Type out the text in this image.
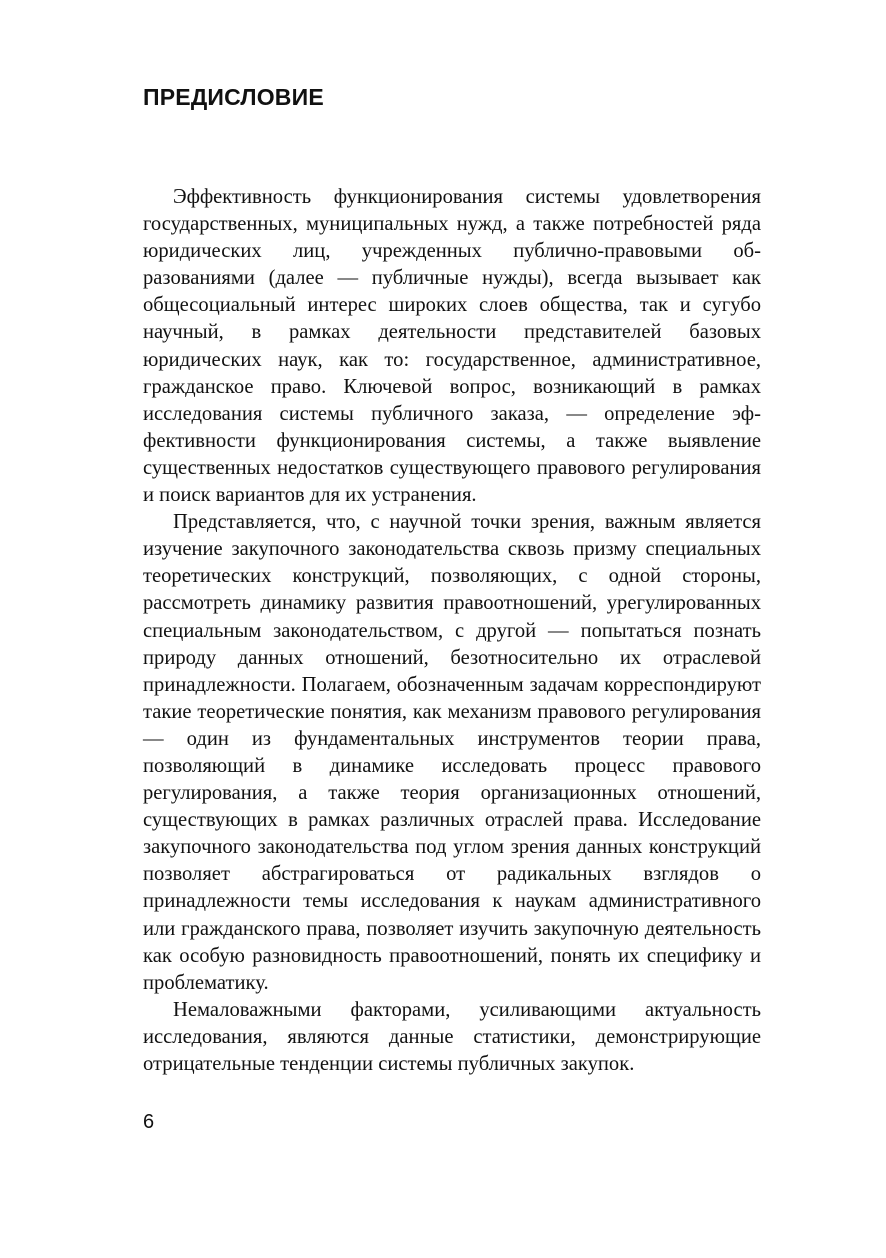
ПРЕДИСЛОВИЕ

Эффективность функционирования системы удовлетворения государственных, муниципальных нужд, а также потребностей ряда юридических лиц, учрежденных публично-правовыми образованиями (далее — публичные нужды), всегда вызывает как общесоциальный интерес широких слоев общества, так и сугубо научный, в рамках деятельности представителей базовых юридических наук, как то: государственное, административное, гражданское право. Ключевой вопрос, возникающий в рамках исследования системы публичного заказа, — определение эффективности функционирования системы, а также выявление существенных недостатков существующего правового регулирования и поиск вариантов для их устранения.

Представляется, что, с научной точки зрения, важным является изучение закупочного законодательства сквозь призму специальных теоретических конструкций, позволяющих, с одной стороны, рассмотреть динамику развития правоотношений, урегулированных специальным законодательством, с другой — попытаться познать природу данных отношений, безотносительно их отраслевой принадлежности. Полагаем, обозначенным задачам корреспондируют такие теоретические понятия, как механизм правового регулирования — один из фундаментальных инструментов теории права, позволяющий в динамике исследовать процесс правового регулирования, а также теория организационных отношений, существующих в рамках различных отраслей права. Исследование закупочного законодательства под углом зрения данных конструкций позволяет абстрагироваться от радикальных взглядов о принадлежности темы исследования к наукам административного или гражданского права, позволяет изучить закупочную деятельность как особую разновидность правоотношений, понять их специфику и проблематику.

Немаловажными факторами, усиливающими актуальность исследования, являются данные статистики, демонстрирующие отрицательные тенденции системы публичных закупок.

6
